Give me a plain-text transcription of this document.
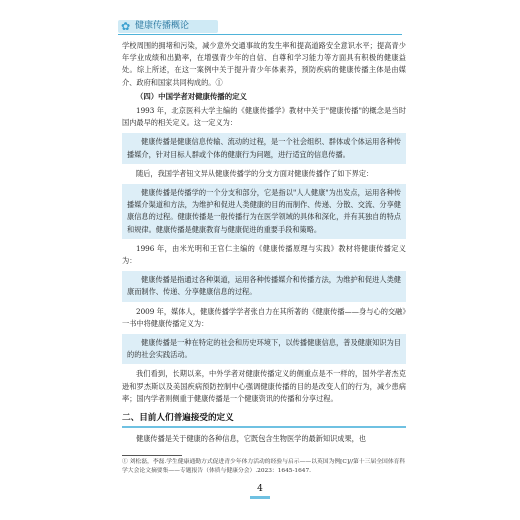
✿ 健康传播概论

学校周围的拥堵和污染，减少意外交通事故的发生率和提高道路安全意识水平；提高青少年学业成绩和出勤率，在增强青少年的自信、自尊和学习能力等方面具有积极的健康益处。综上所述，在这一案例中关于提升青少年体素养，预防疾病的健康传播主体是由媒介、政府和国家共同构成的。①

（四）中国学者对健康传播的定义

1993 年，北京医科大学主编的《健康传播学》教材中关于"健康传播"的概念是当时国内最早的相关定义。这一定义为：

健康传播是健康信息传输、流动的过程，是一个社会组织、群体或个体运用各种传播媒介，针对目标人群或个体的健康行为问题，进行适宜的信息传播。

随后，我国学者钮文异从健康传播学的分支方面对健康传播作了如下界定：

健康传播是传播学的一个分支和部分，它是指以"人人健康"为出发点，运用各种传播媒介渠道和方法，为维护和促进人类健康的目的而制作、传递、分散、交流、分享健康信息的过程。健康传播是一般传播行为在医学领域的具体和深化，并有其独自的特点和规律。健康传播是健康教育与健康促进的重要手段和策略。

1996 年，由米光明和王官仁主编的《健康传播原理与实践》教材将健康传播定义为：

健康传播是指通过各种渠道，运用各种传播媒介和传播方法，为维护和促进人类健康而制作、传递、分享健康信息的过程。

2009 年，媒体人，健康传播学学者张自力在其所著的《健康传播——身与心的交融》一书中将健康传播定义为：

健康传播是一种在特定的社会和历史环境下，以传播健康信息，普及健康知识为目的的社会实践活动。

我们看到，长期以来，中外学者对健康传播定义的侧重点是不一样的，国外学者杰克逊和罗杰斯以及美国疾病预防控制中心强调健康传播的目的是改变人们的行为，减少患病率；国内学者则侧重于健康传播是一个健康资讯的传播和分享过程。

二、目前人们普遍接受的定义

健康传播是关于健康的各种信息，它既包含生物医学的最新知识成果，也

① 刘松磊，李磊.学生健康通勤方式促进青少年体力活动的经验与启示——以英国为例[C]//第十三届全国体育科学大会论文摘要集——专题报告（体质与健康分会）.2023：1645-1647.
4
